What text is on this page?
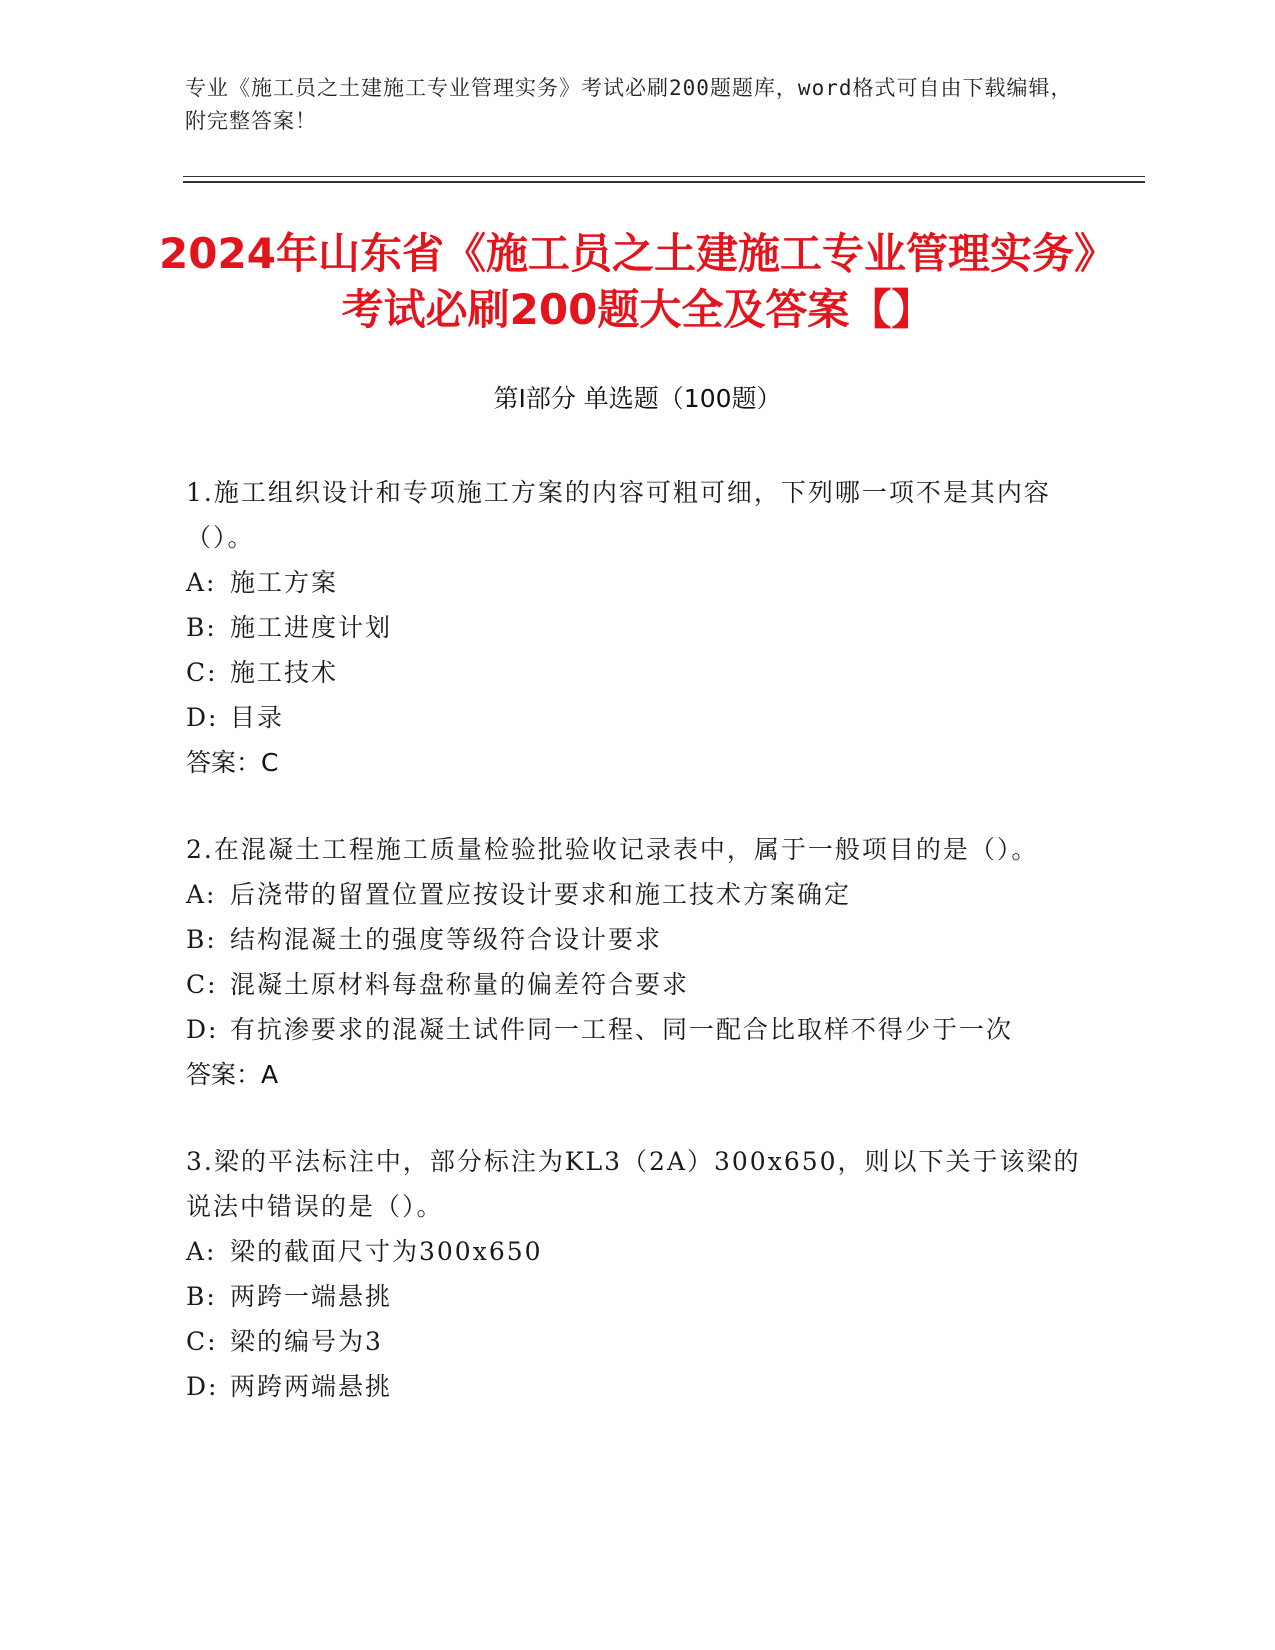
专业《施工员之土建施工专业管理实务》考试必刷200题题库，word格式可自由下载编辑，附完整答案！
2024年山东省《施工员之土建施工专业管理实务》考试必刷200题大全及答案【】
第Ⅰ部分 单选题（100题）
1.施工组织设计和专项施工方案的内容可粗可细，下列哪一项不是其内容（）。
A: 施工方案
B: 施工进度计划
C: 施工技术
D: 目录
答案：C
2.在混凝土工程施工质量检验批验收记录表中，属于一般项目的是（）。
A: 后浇带的留置位置应按设计要求和施工技术方案确定
B: 结构混凝土的强度等级符合设计要求
C: 混凝土原材料每盘称量的偏差符合要求
D: 有抗渗要求的混凝土试件同一工程、同一配合比取样不得少于一次
答案：A
3.梁的平法标注中，部分标注为KL3（2A）300x650，则以下关于该梁的说法中错误的是（）。
A: 梁的截面尺寸为300x650
B: 两跨一端悬挑
C: 梁的编号为3
D: 两跨两端悬挑
